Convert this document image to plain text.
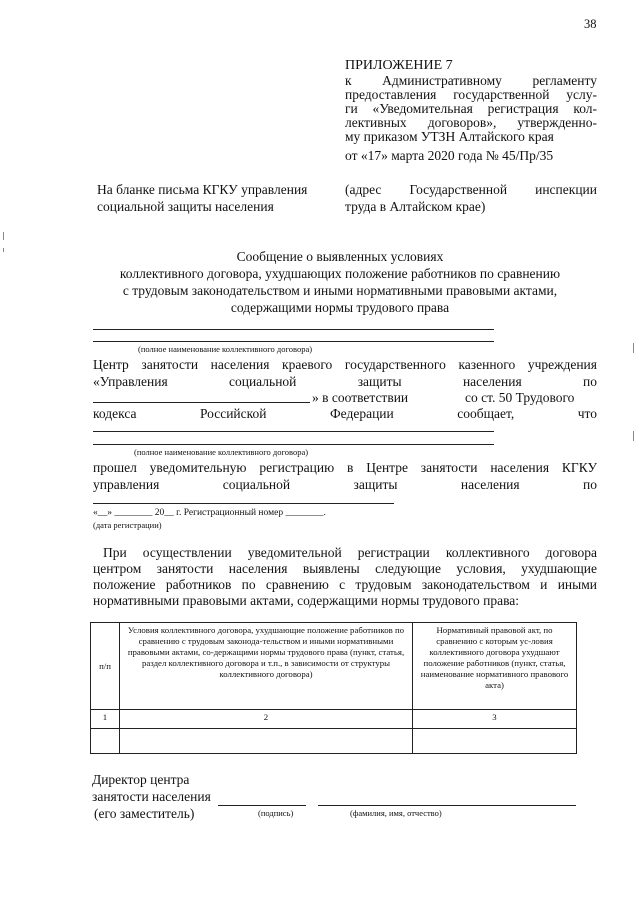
38
ПРИЛОЖЕНИЕ 7
к Административному регламенту
предоставления государственной услу-
ги «Уведомительная регистрация кол-
лективных договоров», утвержденно-
му приказом УТЗН Алтайского края
от «17» марта 2020 года № 45/Пр/35
На бланке письма КГКУ управления
социальной защиты населения
(адрес Государственной инспекции
труда в Алтайском крае)
Сообщение о выявленных условиях
коллективного договора, ухудшающих положение работников по сравнению
с трудовым законодательством и иными нормативными правовыми актами,
содержащими нормы трудового права
(полное наименование коллективного договора)
Центр занятости населения краевого государственного казенного учреждения
«Управления социальной защиты населения по
» в соответствии	со ст. 50 Трудового
кодекса Российской Федерации сообщает, что
(полное наименование коллективного договора)
прошел уведомительную регистрацию в Центре занятости населения КГКУ
управления социальной защиты населения по
«__» ________ 20__ г. Регистрационный номер ________.
(дата регистрации)
При осуществлении уведомительной регистрации коллективного договора
центром занятости населения выявлены следующие условия, ухудшающие
положение работников по сравнению с трудовым законодательством и иными
нормативными правовыми актами, содержащими нормы трудового права:
п/п	Условия коллективного договора, ухудшающие положение работников по сравнению с трудовым законода-тельством и иными нормативными правовыми актами, со-держащими нормы трудового права (пункт, статья, раздел коллективного договора и т.п., в зависимости от структуры коллективного договора)	Нормативный правовой акт, по сравнению с которым ус-ловия коллективного договора ухудшают положение работников (пункт, статья, наименование нормативного правового акта)
1	2	3

Директор центра
занятости населения
(его заместитель)	(подпись)	(фамилия, имя, отчество)
